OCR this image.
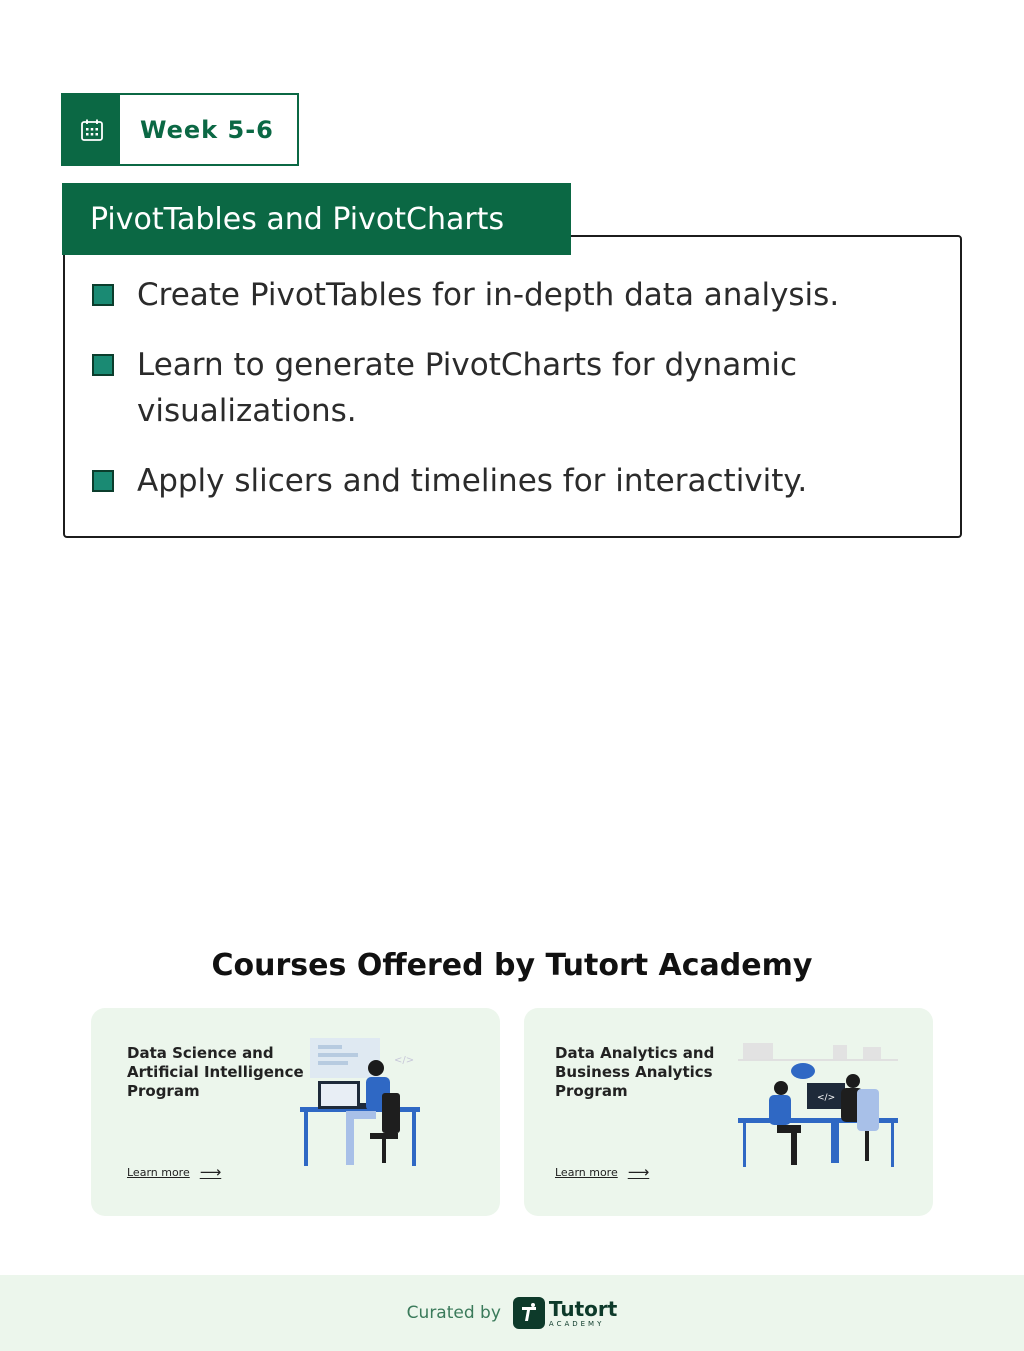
Week 5-6
PivotTables and PivotCharts
Create PivotTables for in-depth data analysis.
Learn to generate PivotCharts for dynamic visualizations.
Apply slicers and timelines for interactivity.
Courses Offered by Tutort Academy
Data Science and Artificial Intelligence Program
Learn more ⟶
</>	Data Analytics and Business Analytics Program
Learn more ⟶
</>
Curated by Tutort
ACADEMY
